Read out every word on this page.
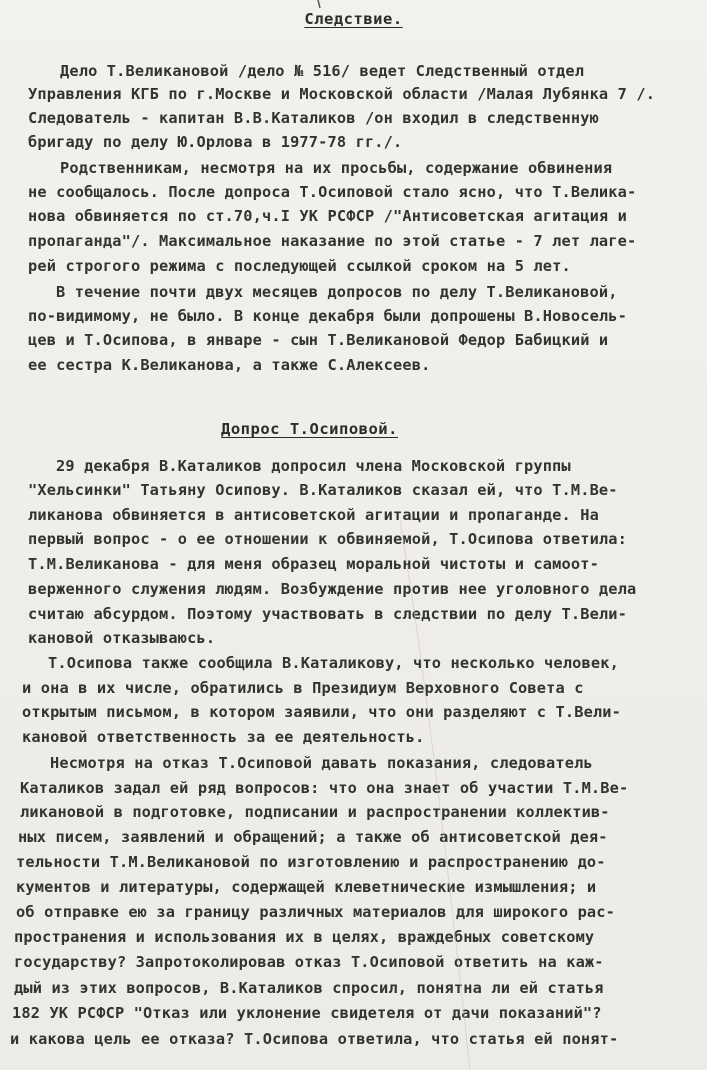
Следствие.
Дело Т.Великановой /дело № 516/ ведет Следственный отдел
Управления КГБ по г.Москве и Московской области /Малая Лубянка 7 /.
Следователь - капитан В.В.Каталиков /он входил в следственную
бригаду по делу Ю.Орлова в 1977-78 гг./.
Родственникам, несмотря на их просьбы, содержание обвинения
не сообщалось. После допроса Т.Осиповой стало ясно, что Т.Велика-
нова обвиняется по ст.70,ч.I УК РСФСР /"Антисоветская агитация и
пропаганда"/. Максимальное наказание по этой статье - 7 лет лаге-
рей строгого режима с последующей ссылкой сроком на 5 лет.
В течение почти двух месяцев допросов по делу Т.Великановой,
по-видимому, не было. В конце декабря были допрошены В.Новосель-
цев и Т.Осипова, в январе - сын Т.Великановой Федор Бабицкий и
ее сестра К.Великанова, а также С.Алексеев.
Допрос Т.Осиповой.
29 декабря В.Каталиков допросил члена Московской группы
"Хельсинки" Татьяну Осипову. В.Каталиков сказал ей, что Т.М.Ве-
ликанова обвиняется в антисоветской агитации и пропаганде. На
первый вопрос - о ее отношении к обвиняемой, Т.Осипова ответила:
Т.М.Великанова - для меня образец моральной чистоты и самоот-
верженного служения людям. Возбуждение против нее уголовного дела
считаю абсурдом. Поэтому участвовать в следствии по делу Т.Вели-
кановой отказываюсь.
Т.Осипова также сообщила В.Каталикову, что несколько человек,
и она в их числе, обратились в Президиум Верховного Совета с
открытым письмом, в котором заявили, что они разделяют с Т.Вели-
кановой ответственность за ее деятельность.
Несмотря на отказ Т.Осиповой давать показания, следователь
Каталиков задал ей ряд вопросов: что она знает об участии Т.М.Ве-
ликановой в подготовке, подписании и распространении коллектив-
ных писем, заявлений и обращений; а также об антисоветской дея-
тельности Т.М.Великановой по изготовлению и распространению до-
кументов и литературы, содержащей клеветнические измышления; и
об отправке ею за границу различных материалов для широкого рас-
пространения и использования их в целях, враждебных советскому
государству? Запротоколировав отказ Т.Осиповой ответить на каж-
дый из этих вопросов, В.Каталиков спросил, понятна ли ей статья
182 УК РСФСР "Отказ или уклонение свидетеля от дачи показаний"?
и какова цель ее отказа? Т.Осипова ответила, что статья ей понят-
